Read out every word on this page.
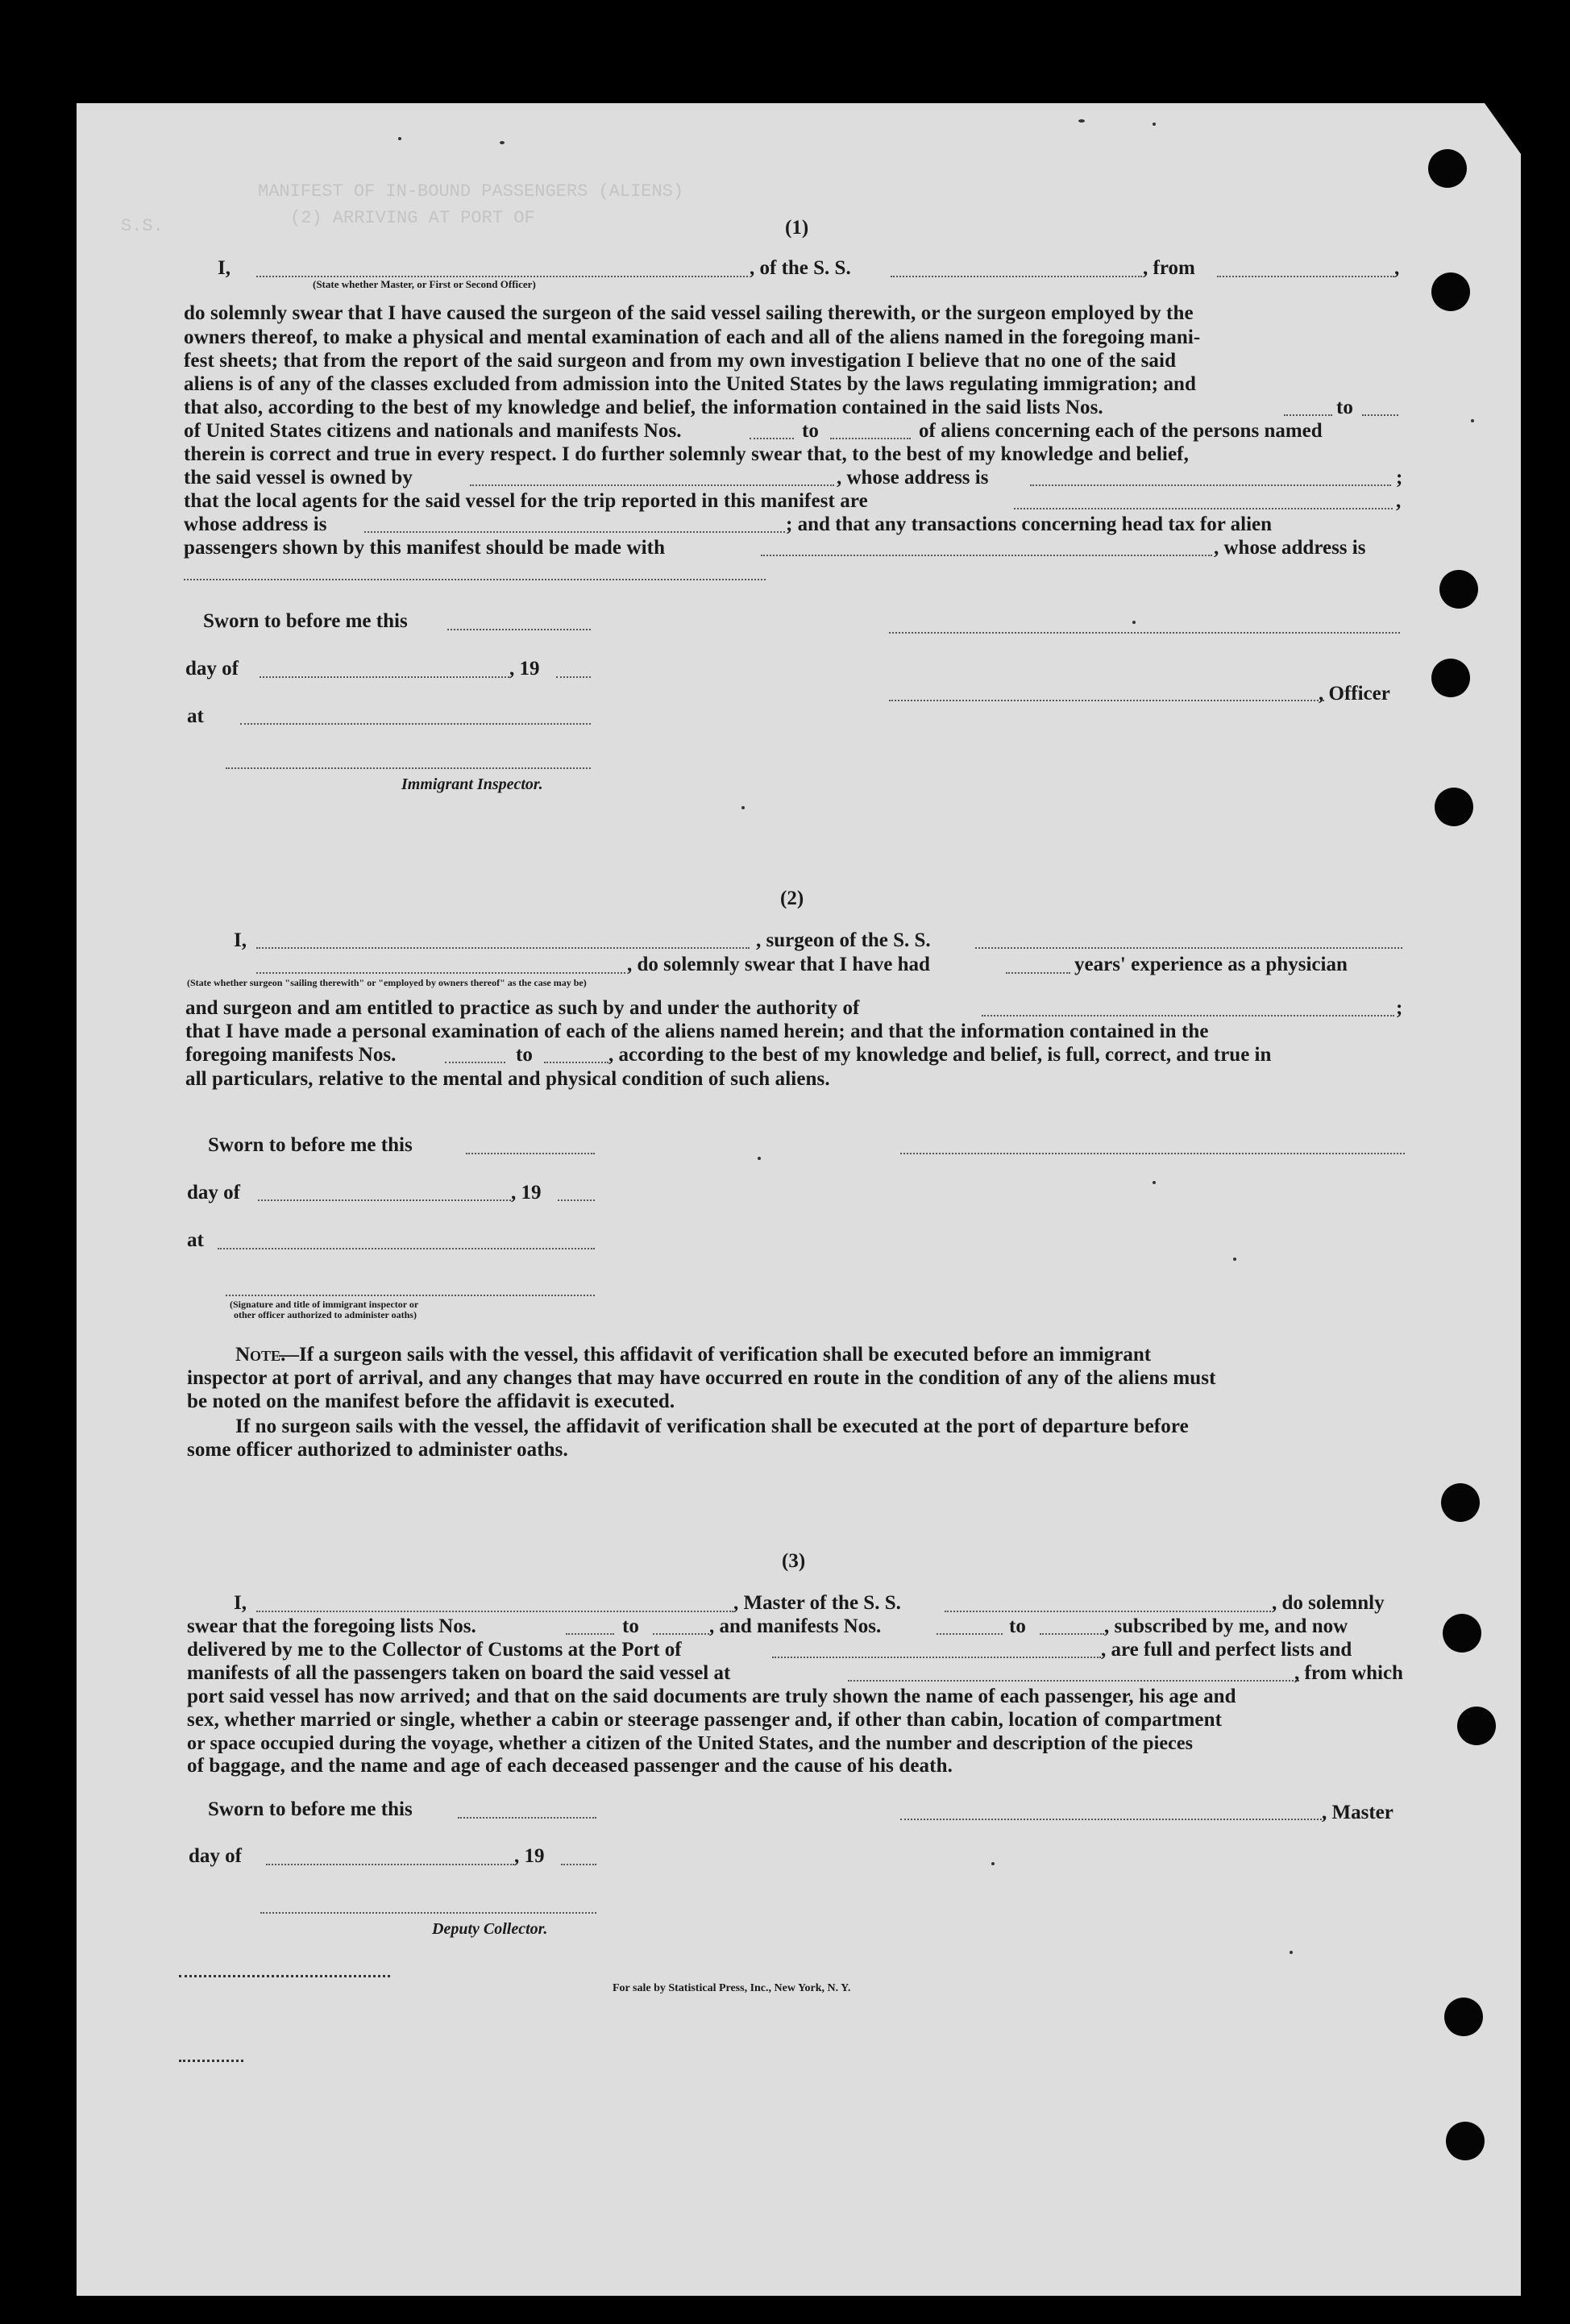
MANIFEST OF IN-BOUND PASSENGERS (ALIENS)
(2) ARRIVING AT PORT OF
S.S.	(1)
I,	, of the S. S.	, from	,
(State whether Master, or First or Second Officer)
do solemnly swear that I have caused the surgeon of the said vessel sailing therewith, or the surgeon employed by the
owners thereof, to make a physical and mental examination of each and all of the aliens named in the foregoing mani-
fest sheets; that from the report of the said surgeon and from my own investigation I believe that no one of the said
aliens is of any of the classes excluded from admission into the United States by the laws regulating immigration; and
that also, according to the best of my knowledge and belief, the information contained in the said lists Nos.	to
of United States citizens and nationals and manifests Nos.	to	of aliens concerning each of the persons named
therein is correct and true in every respect. I do further solemnly swear that, to the best of my knowledge and belief,
the said vessel is owned by	, whose address is	;
that the local agents for the said vessel for the trip reported in this manifest are	,
whose address is	; and that any transactions concerning head tax for alien
passengers shown by this manifest should be made with	, whose address is
Sworn to before me this
day of	, 19
, Officer
at
Immigrant Inspector.
(2)
I,	, surgeon of the S. S.
, do solemnly swear that I have had	years' experience as a physician
(State whether surgeon "sailing therewith" or "employed by owners thereof" as the case may be)
and surgeon and am entitled to practice as such by and under the authority of	;
that I have made a personal examination of each of the aliens named herein; and that the information contained in the
foregoing manifests Nos.	to	, according to the best of my knowledge and belief, is full, correct, and true in
all particulars, relative to the mental and physical condition of such aliens.
Sworn to before me this
day of	, 19
at
(Signature and title of immigrant inspector or
other officer authorized to administer oaths)
Note.
—If a surgeon sails with the vessel, this affidavit of verification shall be executed before an immigrant
inspector at port of arrival, and any changes that may have occurred en route in the condition of any of the aliens must
be noted on the manifest before the affidavit is executed.
If no surgeon sails with the vessel, the affidavit of verification shall be executed at the port of departure before
some officer authorized to administer oaths.
(3)
I,	, Master of the S. S.	, do solemnly
swear that the foregoing lists Nos.	to	, and manifests Nos.	to	, subscribed by me, and now
delivered by me to the Collector of Customs at the Port of	, are full and perfect lists and
manifests of all the passengers taken on board the said vessel at	, from which
port said vessel has now arrived; and that on the said documents are truly shown the name of each passenger, his age and
sex, whether married or single, whether a cabin or steerage passenger and, if other than cabin, location of compartment
or space occupied during the voyage, whether a citizen of the United States, and the number and description of the pieces
of baggage, and the name and age of each deceased passenger and the cause of his death.
Sworn to before me this	, Master
day of	, 19
Deputy Collector.
For sale by Statistical Press, Inc., New York, N. Y.
